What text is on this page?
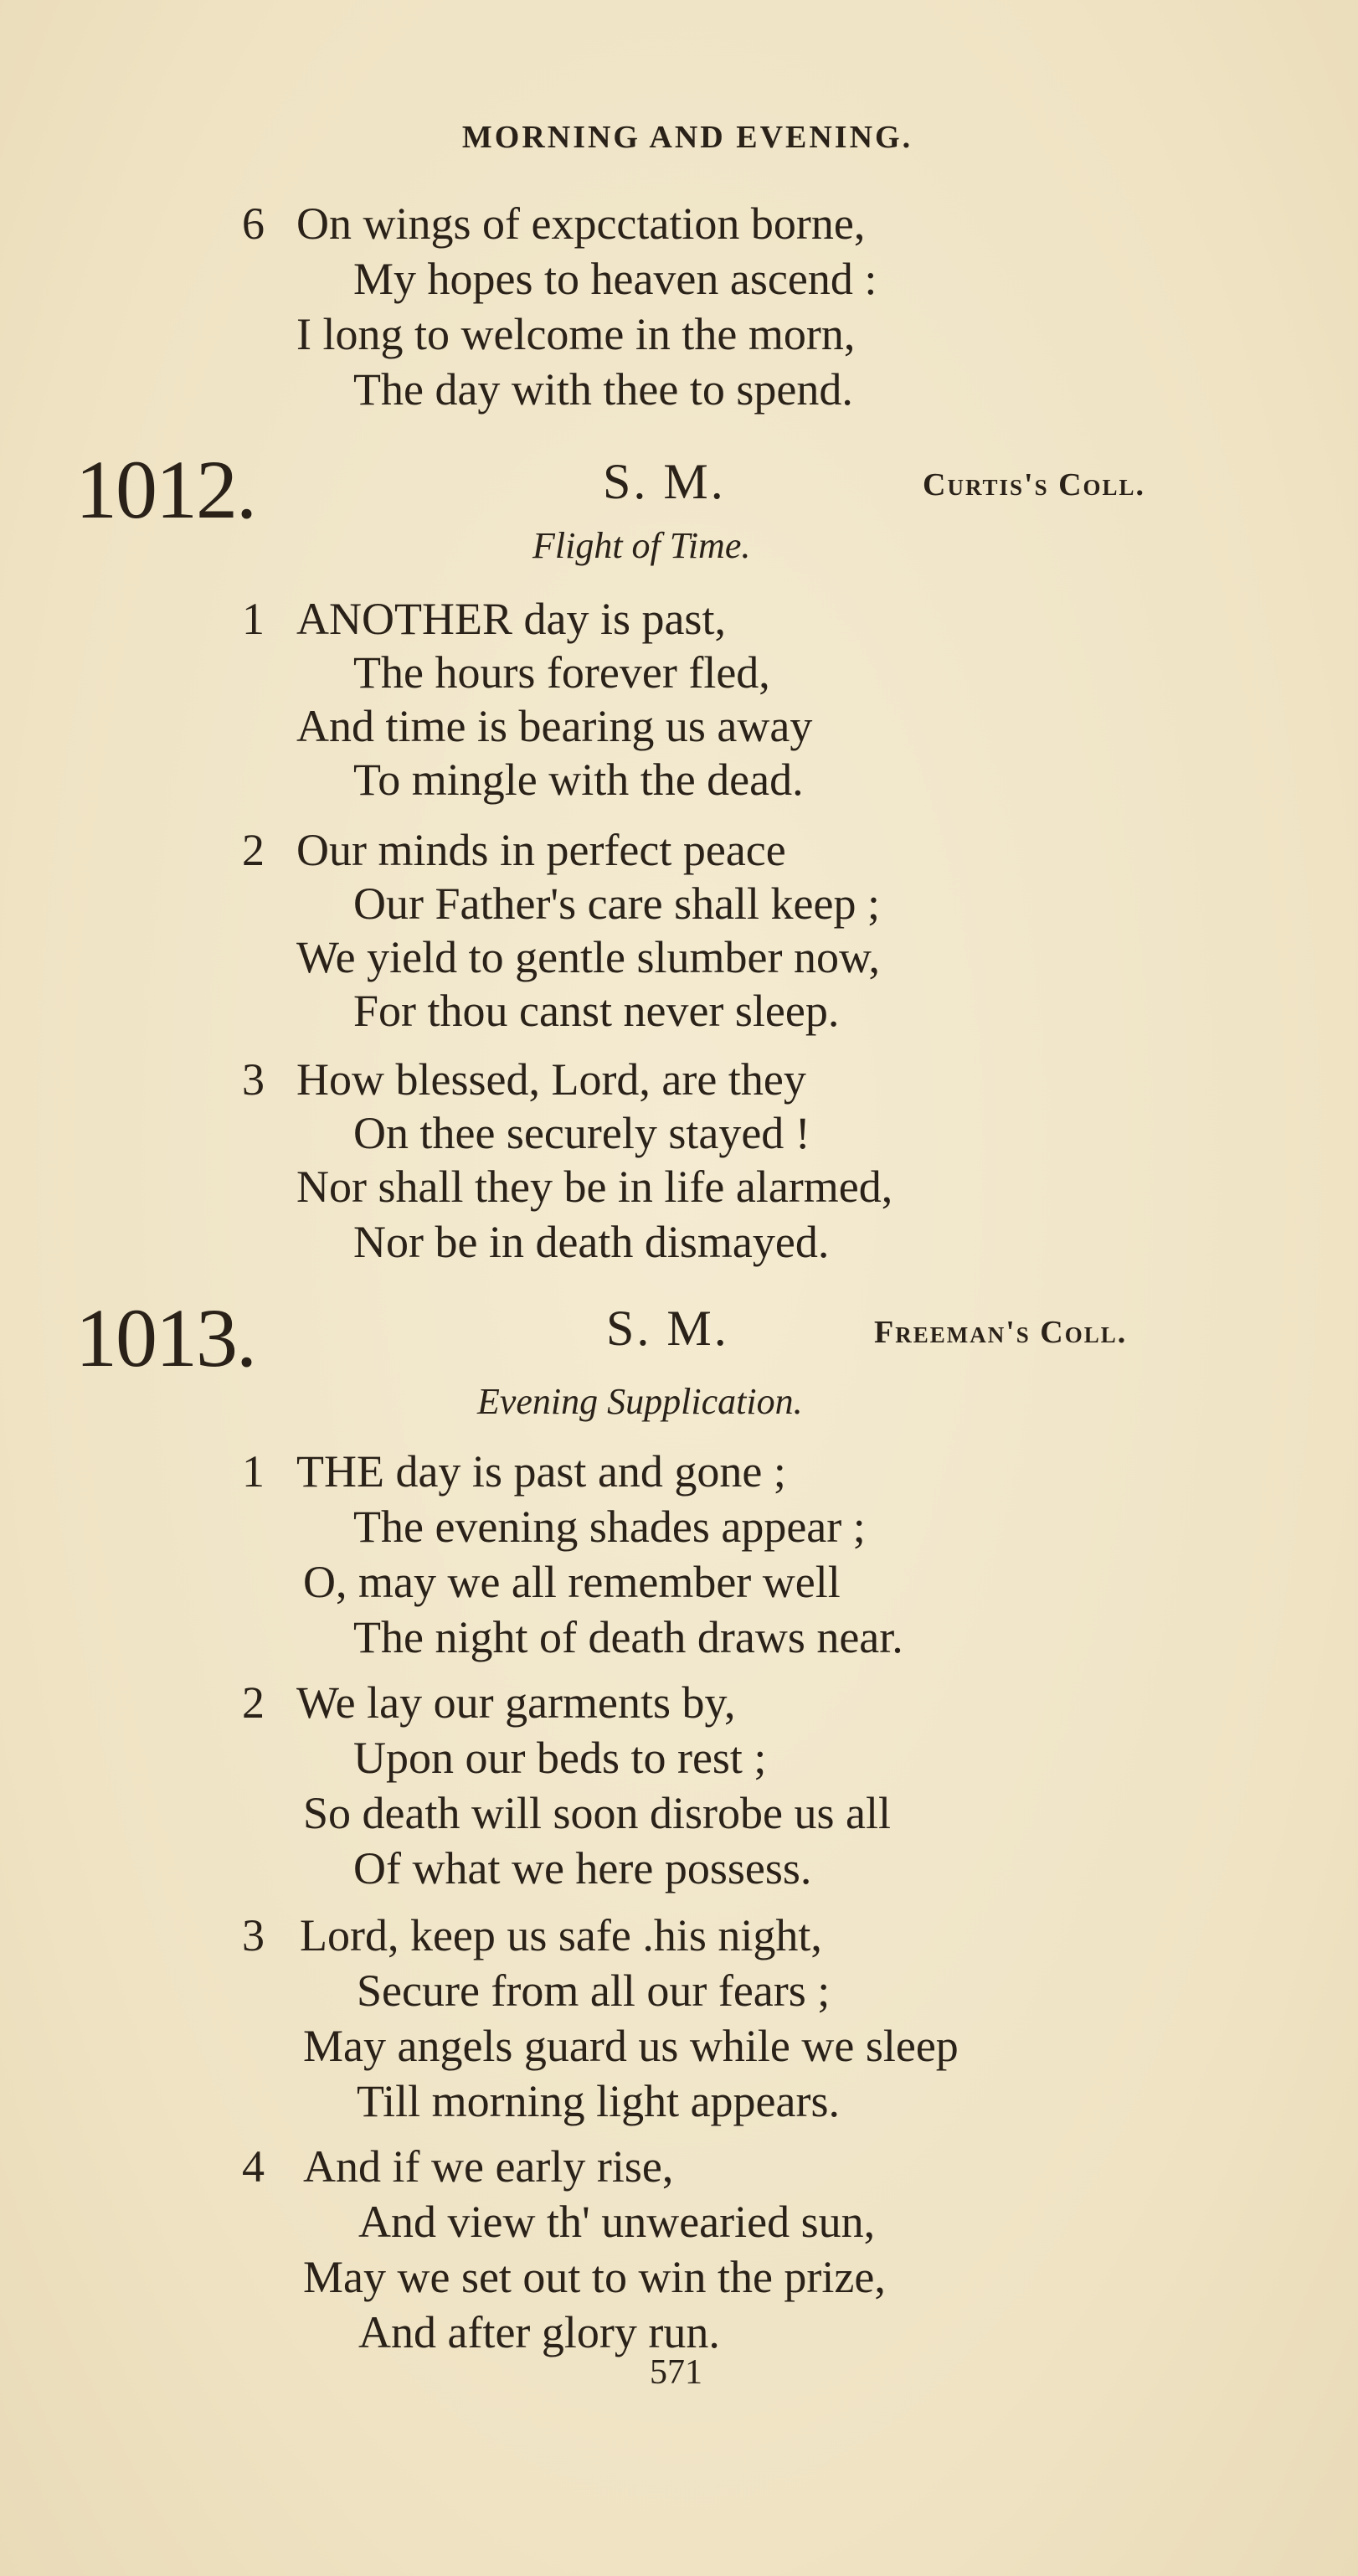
MORNING AND EVENING.
6 On wings of expcctation borne,
My hopes to heaven ascend :
I long to welcome in the morn,
The day with thee to spend.
1012.	S. M.	Curtis's Coll.
Flight of Time.
1 ANOTHER day is past,
The hours forever fled,
And time is bearing us away
To mingle with the dead.
2 Our minds in perfect peace
Our Father's care shall keep ;
We yield to gentle slumber now,
For thou canst never sleep.
3 How blessed, Lord, are they
On thee securely stayed !
Nor shall they be in life alarmed,
Nor be in death dismayed.
1013.	S. M.	Freeman's Coll.
Evening Supplication.
1 THE day is past and gone ;
The evening shades appear ;
O, may we all remember well
The night of death draws near.
2 We lay our garments by,
Upon our beds to rest ;
So death will soon disrobe us all
Of what we here possess.
3 Lord, keep us safe .his night,
Secure from all our fears ;
May angels guard us while we sleep
Till morning light appears.
4 And if we early rise,
And view th' unwearied sun,
May we set out to win the prize,
And after glory run.
571
